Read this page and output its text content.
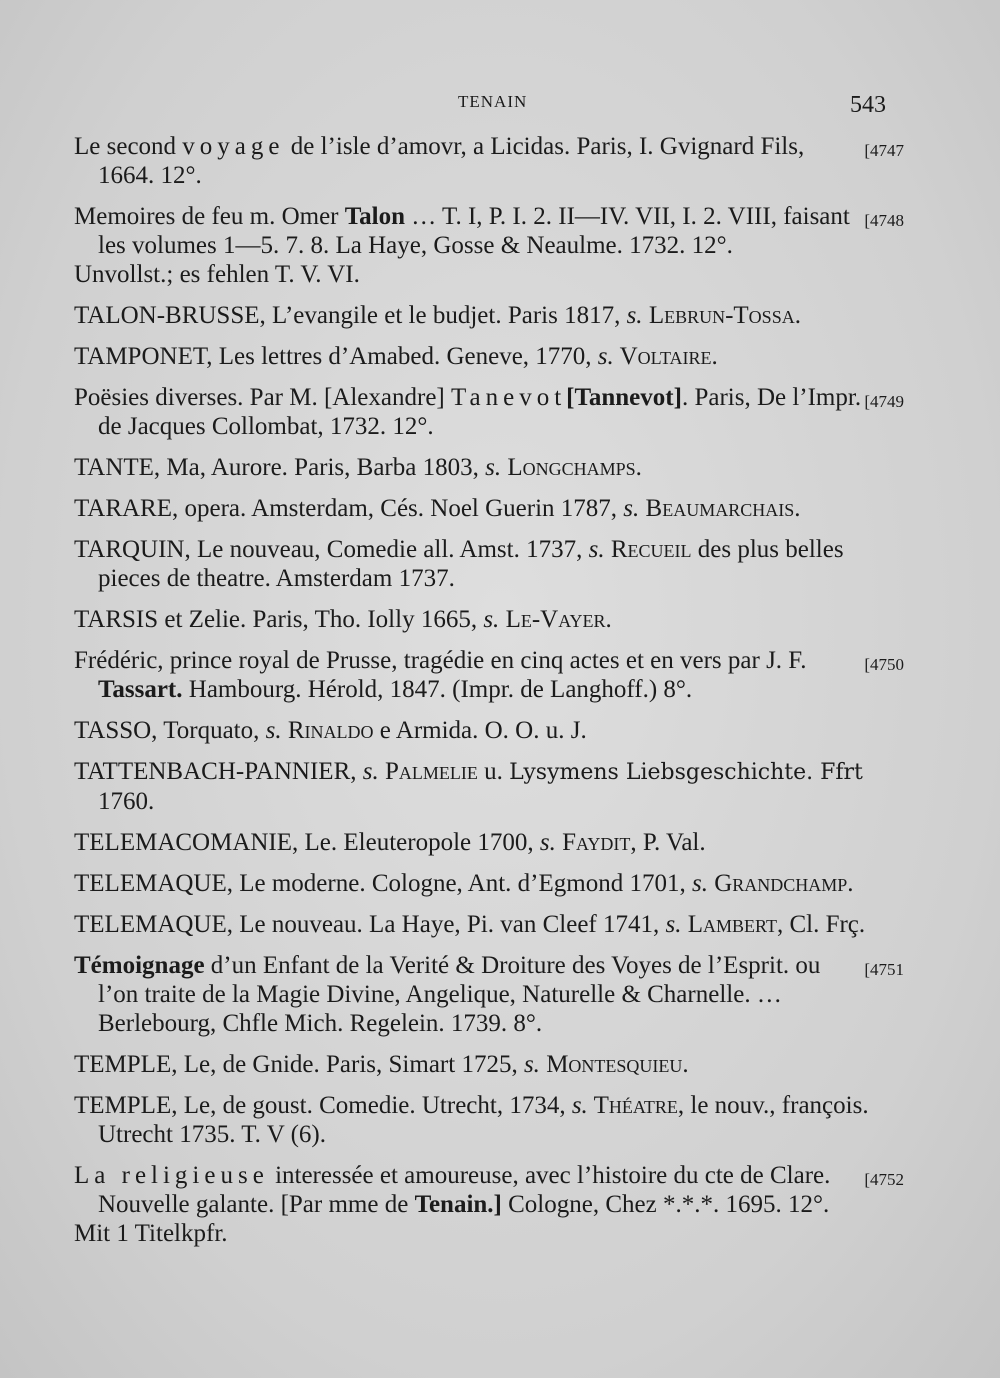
TENAIN	543
[4747
Le second voyage de l’isle d’amovr, a Licidas. Paris, I. Gvignard Fils, 1664. 12°.
[4748
Memoires de feu m. Omer Talon … T. I, P. I. 2. II—IV. VII, I. 2. VIII, faisant les volumes 1—5. 7. 8. La Haye, Gosse & Neaulme. 1732. 12°.
Unvollst.; es fehlen T. V. VI.
TALON-BRUSSE, L’evangile et le budjet. Paris 1817, s. Lebrun-Tossa.
TAMPONET, Les lettres d’Amabed. Geneve, 1770, s. Voltaire.
[4749
Poësies diverses. Par M. [Alexandre] Tanevot[Tannevot]. Paris, De l’Impr. de Jacques Collombat, 1732. 12°.
TANTE, Ma, Aurore. Paris, Barba 1803, s. Longchamps.
TARARE, opera. Amsterdam, Cés. Noel Guerin 1787, s. Beaumarchais.
TARQUIN, Le nouveau, Comedie all. Amst. 1737, s. Recueil des plus belles pieces de theatre. Amsterdam 1737.
TARSIS et Zelie. Paris, Tho. Iolly 1665, s. Le-Vayer.
[4750
Frédéric, prince royal de Prusse, tragédie en cinq actes et en vers par J. F. Tassart. Hambourg. Hérold, 1847. (Impr. de Langhoff.) 8°.
TASSO, Torquato, s. Rinaldo e Armida. O. O. u. J.
TATTENBACH-PANNIER, s. Palmelie u. Lysymens Liebsgeschichte. Ffrt 1760.
TELEMACOMANIE, Le. Eleuteropole 1700, s. Faydit, P. Val.
TELEMAQUE, Le moderne. Cologne, Ant. d’Egmond 1701, s. Grandchamp.
TELEMAQUE, Le nouveau. La Haye, Pi. van Cleef 1741, s. Lambert, Cl. Frç.
[4751
Témoignage d’un Enfant de la Verité & Droiture des Voyes de l’Esprit. ou l’on traite de la Magie Divine, Angelique, Naturelle & Charnelle. … Berlebourg, Chfle Mich. Regelein. 1739. 8°.
TEMPLE, Le, de Gnide. Paris, Simart 1725, s. Montesquieu.
TEMPLE, Le, de goust. Comedie. Utrecht, 1734, s. Théatre, le nouv., françois. Utrecht 1735. T. V (6).
[4752
La religieuse interessée et amoureuse, avec l’histoire du cte de Clare. Nouvelle galante. [Par mme de Tenain.] Cologne, Chez *.*.*. 1695. 12°.
Mit 1 Titelkpfr.
